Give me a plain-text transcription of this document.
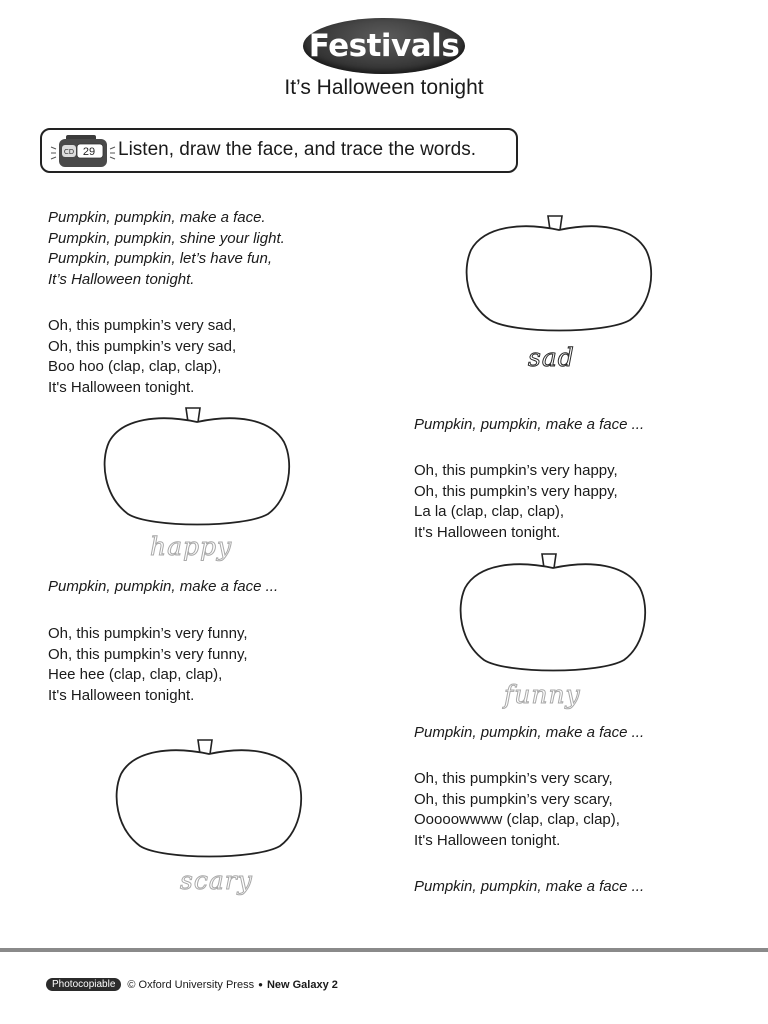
Festivals
It’s Halloween tonight
CD 29	Listen, draw the face, and trace the words.
Pumpkin, pumpkin, make a face.
Pumpkin, pumpkin, shine your light.
Pumpkin, pumpkin, let’s have fun,
It’s Halloween tonight.
Oh, this pumpkin’s very sad,
Oh, this pumpkin’s very sad,
Boo hoo (clap, clap, clap),
It's Halloween tonight.
happy
Pumpkin, pumpkin, make a face ...
Oh, this pumpkin’s very funny,
Oh, this pumpkin’s very funny,
Hee hee (clap, clap, clap),
It's Halloween tonight.
scary
sad
Pumpkin, pumpkin, make a face ...
Oh, this pumpkin’s very happy,
Oh, this pumpkin’s very happy,
La la (clap, clap, clap),
It's Halloween tonight.
funny
Pumpkin, pumpkin, make a face ...
Oh, this pumpkin’s very scary,
Oh, this pumpkin’s very scary,
Ooooowwww (clap, clap, clap),
It's Halloween tonight.
Pumpkin, pumpkin, make a face ...
Photocopiable	© Oxford University Press ● New Galaxy 2
